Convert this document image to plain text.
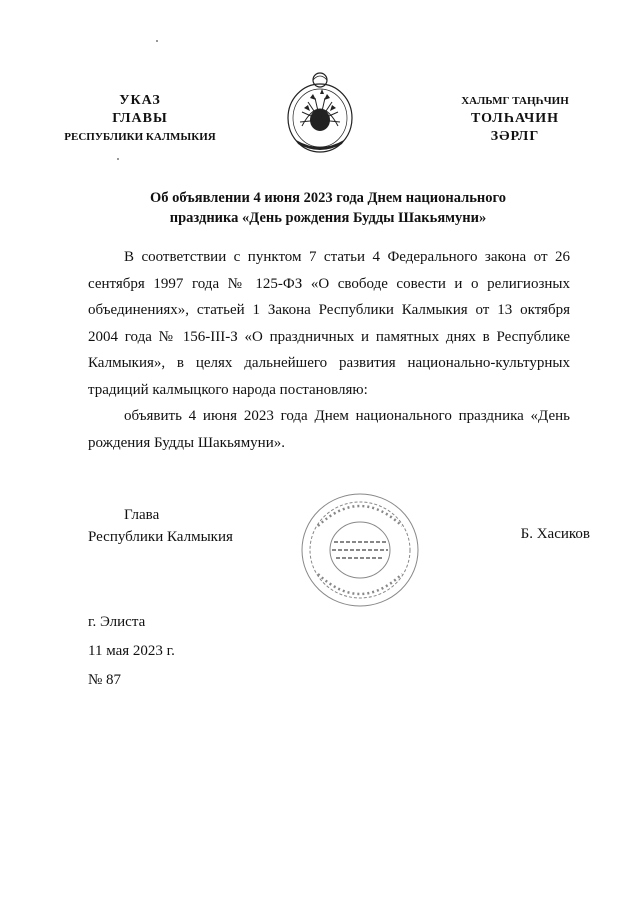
УКАЗ
ГЛАВЫ
РЕСПУБЛИКИ КАЛМЫКИЯ
ХАЛЬМГ ТАҢҺЧИН
ТОЛҺАЧИН
ЗӘРЛГ
Об объявлении 4 июня 2023 года Днем национального
праздника «День рождения Будды Шакьямуни»

В соответствии с пунктом 7 статьи 4 Федерального закона от 26 сентября 1997 года № 125-ФЗ «О свободе совести и о религиозных объединениях», статьей 1 Закона Республики Калмыкия от 13 октября 2004 года № 156-III-З «О праздничных и памятных днях в Республике Калмыкия», в целях дальнейшего развития национально-культурных традиций калмыцкого народа постановляю:

объявить 4 июня 2023 года Днем национального праздника «День рождения Будды Шакьямуни».

Глава
Республики Калмыкия	Б. Хасиков
г. Элиста
11 мая 2023 г.
№ 87
